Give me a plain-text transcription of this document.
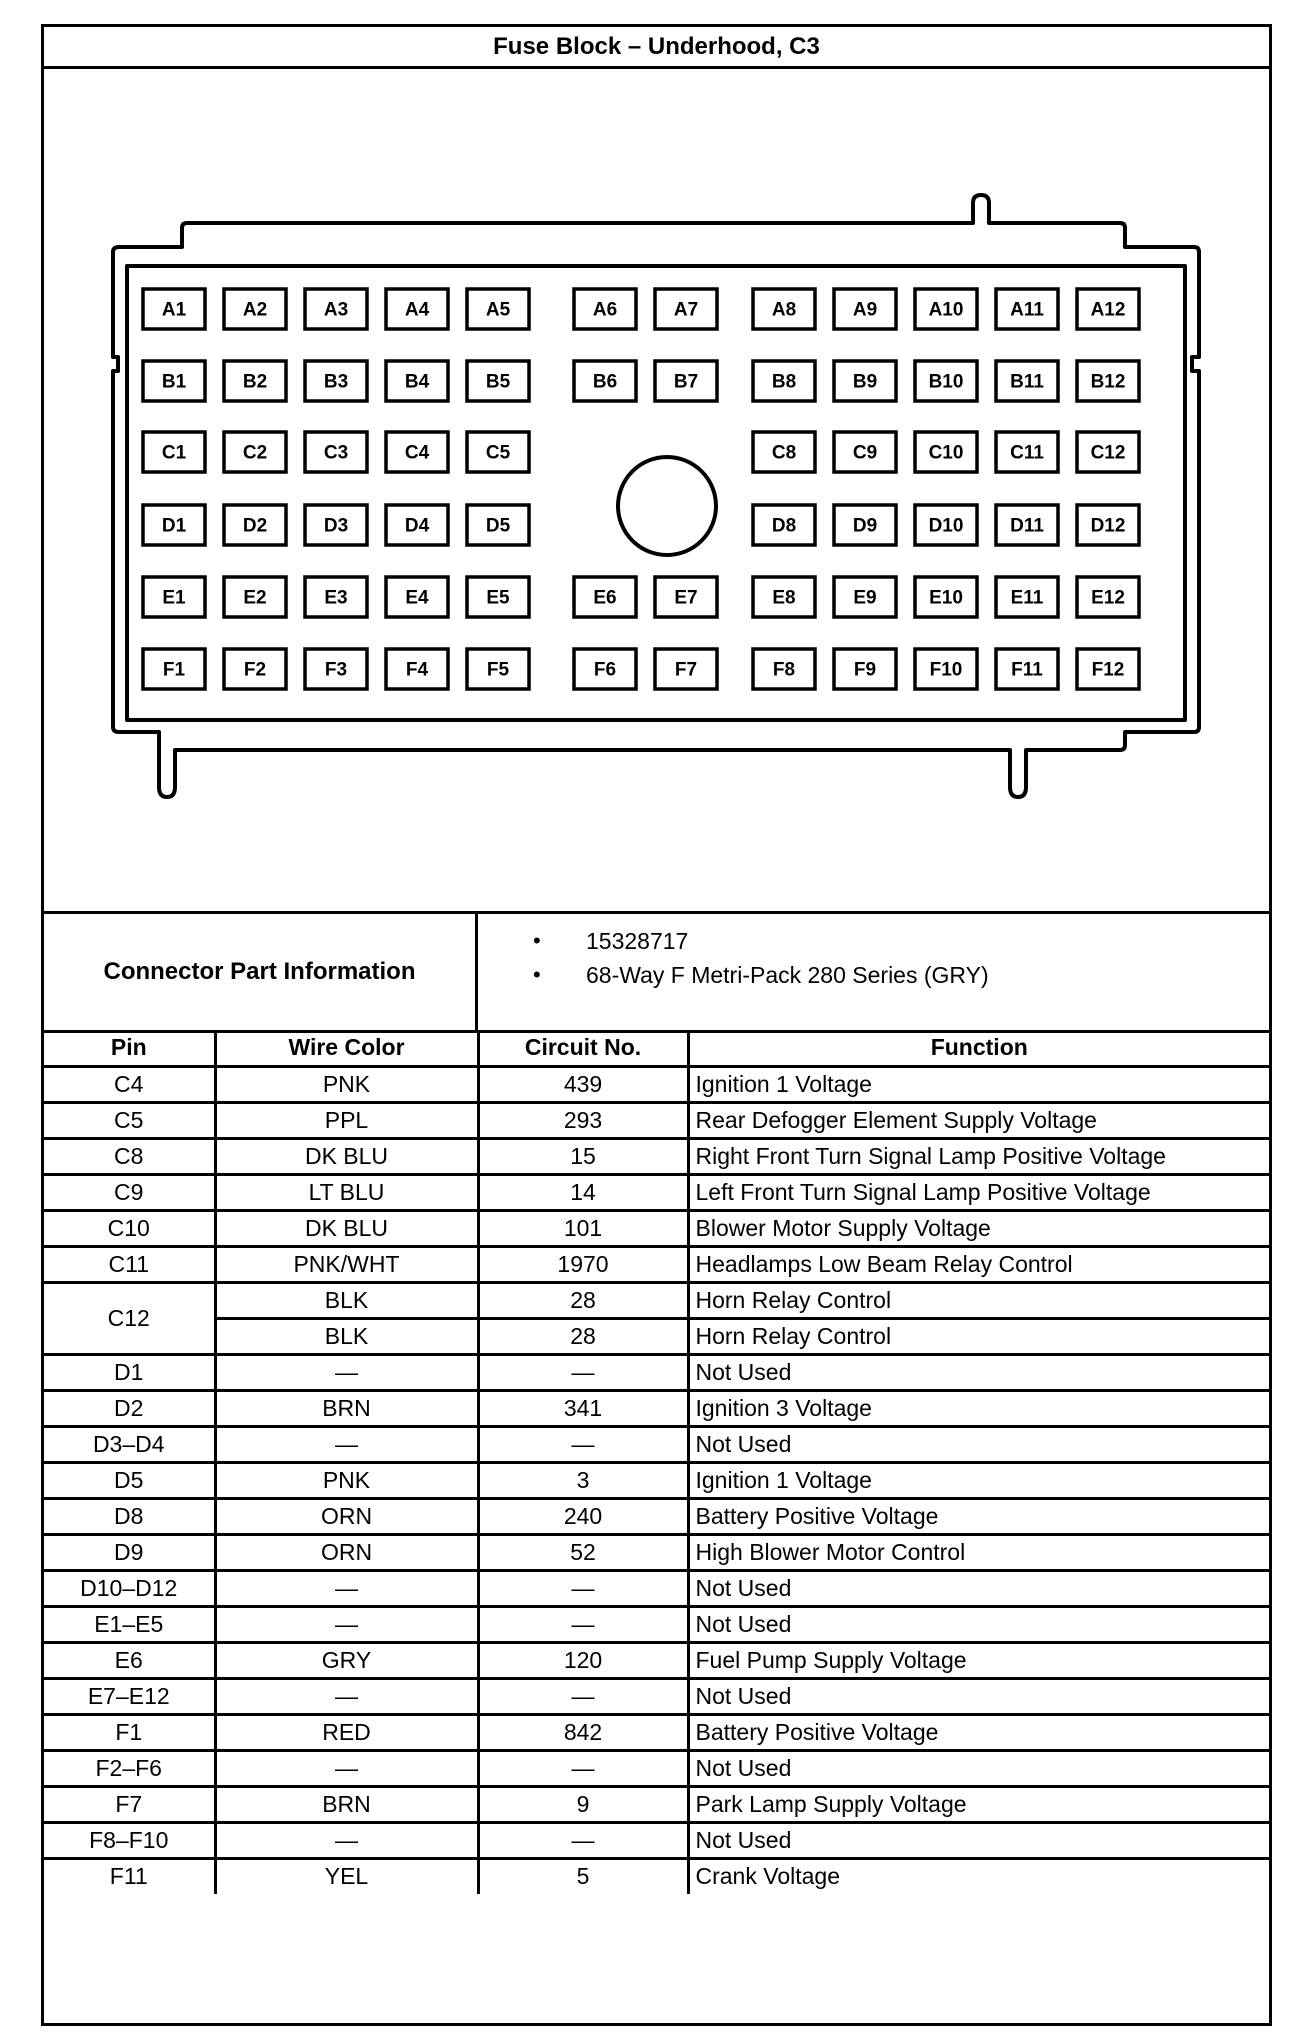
Fuse Block – Underhood, C3
A1	A2	A3	A4	A5	A6	A7	A8	A9	A10 A11 A12
B1	B2	B3	B4	B5	B6	B7	B8	B9	B10 B11 B12
C1	C2	C3	C4	C5	C8	C9	C10 C11 C12
D1	D2	D3	D4	D5	D8	D9	D10 D11 D12
E1	E2	E3	E4	E5	E6	E7	E8	E9	E10	E11	E12
F1	F2	F3	F4	F5	F6	F7	F8	F9	F10	F11	F12
Connector Part Information
• 15328717
• 68-Way F Metri-Pack 280 Series (GRY)
Pin	Wire Color	Circuit No.	Function
C4	PNK	439	Ignition 1 Voltage
C5	PPL	293	Rear Defogger Element Supply Voltage
C8	DK BLU	15	Right Front Turn Signal Lamp Positive Voltage
C9	LT BLU	14	Left Front Turn Signal Lamp Positive Voltage
C10	DK BLU	101	Blower Motor Supply Voltage
C11	PNK/WHT	1970	Headlamps Low Beam Relay Control
C12	BLK	28	Horn Relay Control
	BLK	28	Horn Relay Control
D1	—	—	Not Used
D2	BRN	341	Ignition 3 Voltage
D3–D4	—	—	Not Used
D5	PNK	3	Ignition 1 Voltage
D8	ORN	240	Battery Positive Voltage
D9	ORN	52	High Blower Motor Control
D10–D12	—	—	Not Used
E1–E5	—	—	Not Used
E6	GRY	120	Fuel Pump Supply Voltage
E7–E12	—	—	Not Used
F1	RED	842	Battery Positive Voltage
F2–F6	—	—	Not Used
F7	BRN	9	Park Lamp Supply Voltage
F8–F10	—	—	Not Used
F11	YEL	5	Crank Voltage
